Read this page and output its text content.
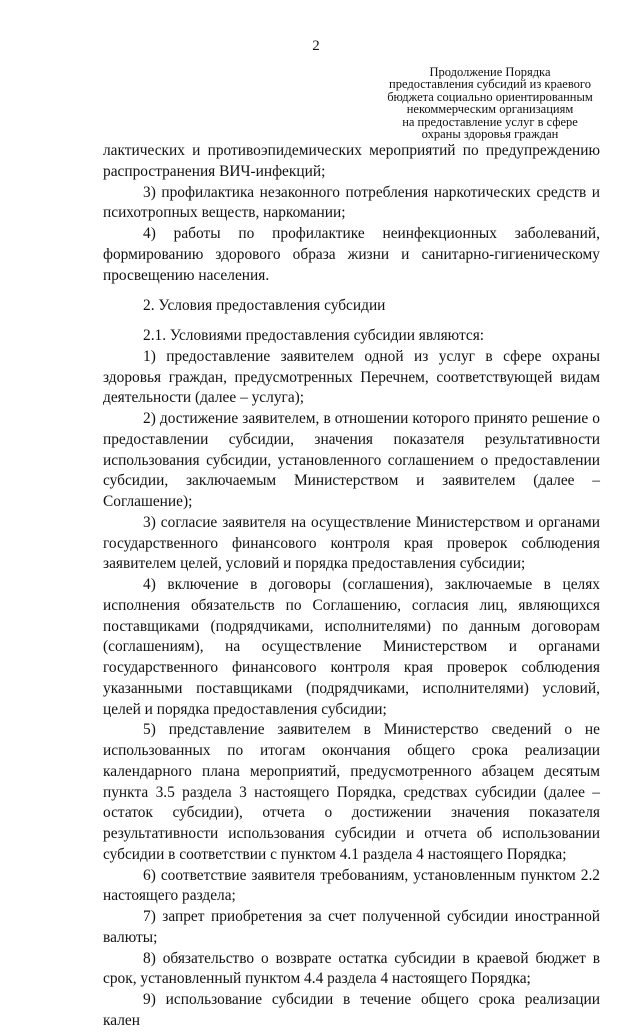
2
Продолжение Порядка
предоставления субсидий из краевого
бюджета социально ориентированным
некоммерческим организациям
на предоставление услуг в сфере
охраны здоровья граждан

лактических и противоэпидемических мероприятий по предупреждению распространения ВИЧ-инфекций;

3) профилактика незаконного потребления наркотических средств и психотропных веществ, наркомании;

4) работы по профилактике неинфекционных заболеваний, формированию здорового образа жизни и санитарно-гигиеническому просвещению населения.

2. Условия предоставления субсидии

2.1. Условиями предоставления субсидии являются:

1) предоставление заявителем одной из услуг в сфере охраны здоровья граждан, предусмотренных Перечнем, соответствующей видам деятельности (далее – услуга);

2) достижение заявителем, в отношении которого принято решение о предоставлении субсидии, значения показателя результативности использования субсидии, установленного соглашением о предоставлении субсидии, заключаемым Министерством и заявителем (далее – Соглашение);

3) согласие заявителя на осуществление Министерством и органами государственного финансового контроля края проверок соблюдения заявителем целей, условий и порядка предоставления субсидии;

4) включение в договоры (соглашения), заключаемые в целях исполнения обязательств по Соглашению, согласия лиц, являющихся поставщиками (подрядчиками, исполнителями) по данным договорам (соглашениям), на осуществление Министерством и органами государственного финансового контроля края проверок соблюдения указанными поставщиками (подрядчиками, исполнителями) условий, целей и порядка предоставления субсидии;

5) представление заявителем в Министерство сведений о не использованных по итогам окончания общего срока реализации календарного плана мероприятий, предусмотренного абзацем десятым пункта 3.5 раздела 3 настоящего Порядка, средствах субсидии (далее – остаток субсидии), отчета о достижении значения показателя результативности использования субсидии и отчета об использовании субсидии в соответствии с пунктом 4.1 раздела 4 настоящего Порядка;

6) соответствие заявителя требованиям, установленным пунктом 2.2 настоящего раздела;

7) запрет приобретения за счет полученной субсидии иностранной валюты;

8) обязательство о возврате остатка субсидии в краевой бюджет в срок, установленный пунктом 4.4 раздела 4 настоящего Порядка;

9) использование субсидии в течение общего срока реализации кален
